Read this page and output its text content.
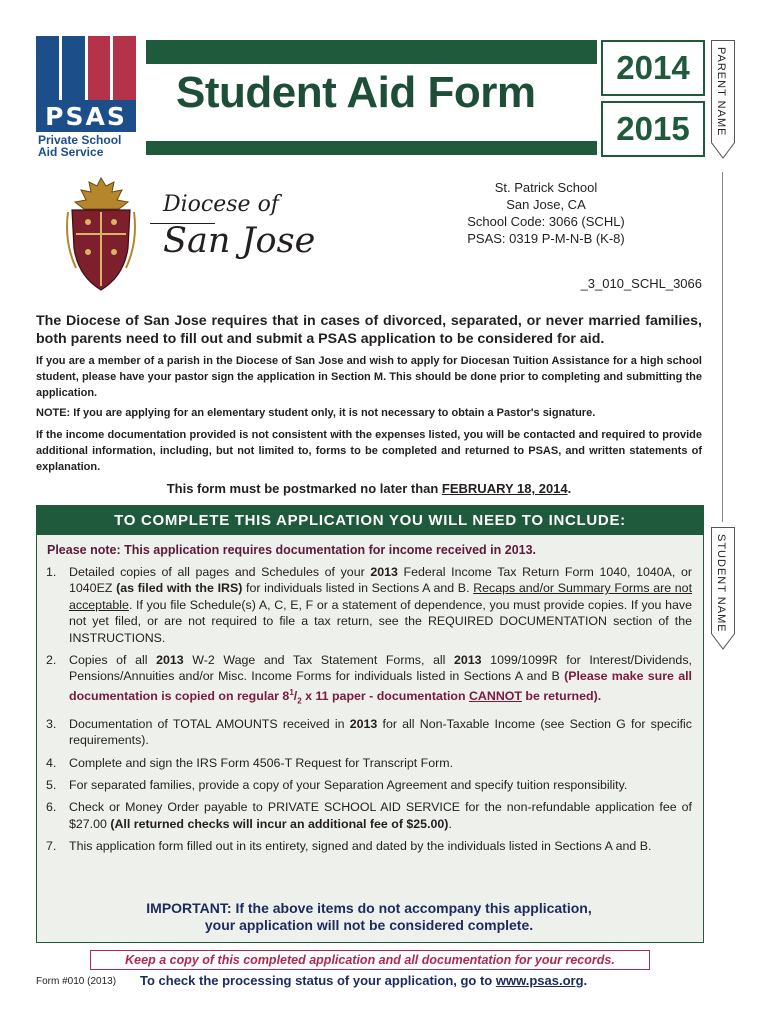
PSAS
Private School
Aid Service
Student Aid Form
2014
2015	PARENT NAME
Diocese of
San Jose
St. Patrick School
San Jose, CA
School Code: 3066 (SCHL)
PSAS: 0319 P-M-N-B (K-8)
_3_010_SCHL_3066
The Diocese of San Jose requires that in cases of divorced, separated, or never married families, both parents need to fill out and submit a PSAS application to be considered for aid.
If you are a member of a parish in the Diocese of San Jose and wish to apply for Diocesan Tuition Assistance for a high school student, please have your pastor sign the application in Section M. This should be done prior to completing and submitting the application.
NOTE: If you are applying for an elementary student only, it is not necessary to obtain a Pastor's signature.
If the income documentation provided is not consistent with the expenses listed, you will be contacted and required to provide additional information, including, but not limited to, forms to be completed and returned to PSAS, and written statements of explanation.
This form must be postmarked no later than FEBRUARY 18, 2014.
TO COMPLETE THIS APPLICATION YOU WILL NEED TO INCLUDE:
Please note: This application requires documentation for income received in 2013.
1. Detailed copies of all pages and Schedules of your 2013 Federal Income Tax Return Form 1040, 1040A, or 1040EZ (as filed with the IRS) for individuals listed in Sections A and B. Recaps and/or Summary Forms are not acceptable. If you file Schedule(s) A, C, E, F or a statement of dependence, you must provide copies. If you have not yet filed, or are not required to file a tax return, see the REQUIRED DOCUMENTATION section of the INSTRUCTIONS.
2. Copies of all 2013 W-2 Wage and Tax Statement Forms, all 2013 1099/1099R for Interest/Dividends, Pensions/Annuities and/or Misc. Income Forms for individuals listed in Sections A and B (Please make sure all documentation is copied on regular $8^1/_2$ x 11 paper - documentation CANNOT be returned).
3. Documentation of TOTAL AMOUNTS received in 2013 for all Non-Taxable Income (see Section G for specific requirements).
4. Complete and sign the IRS Form 4506-T Request for Transcript Form.
5. For separated families, provide a copy of your Separation Agreement and specify tuition responsibility.
6. Check or Money Order payable to PRIVATE SCHOOL AID SERVICE for the non-refundable application fee of $27.00 (All returned checks will incur an additional fee of $25.00).
7. This application form filled out in its entirety, signed and dated by the individuals listed in Sections A and B.
IMPORTANT: If the above items do not accompany this application,
your application will not be considered complete.
STUDENT NAME
Keep a copy of this completed application and all documentation for your records.
Form #010 (2013) To check the processing status of your application, go to www.psas.org.
